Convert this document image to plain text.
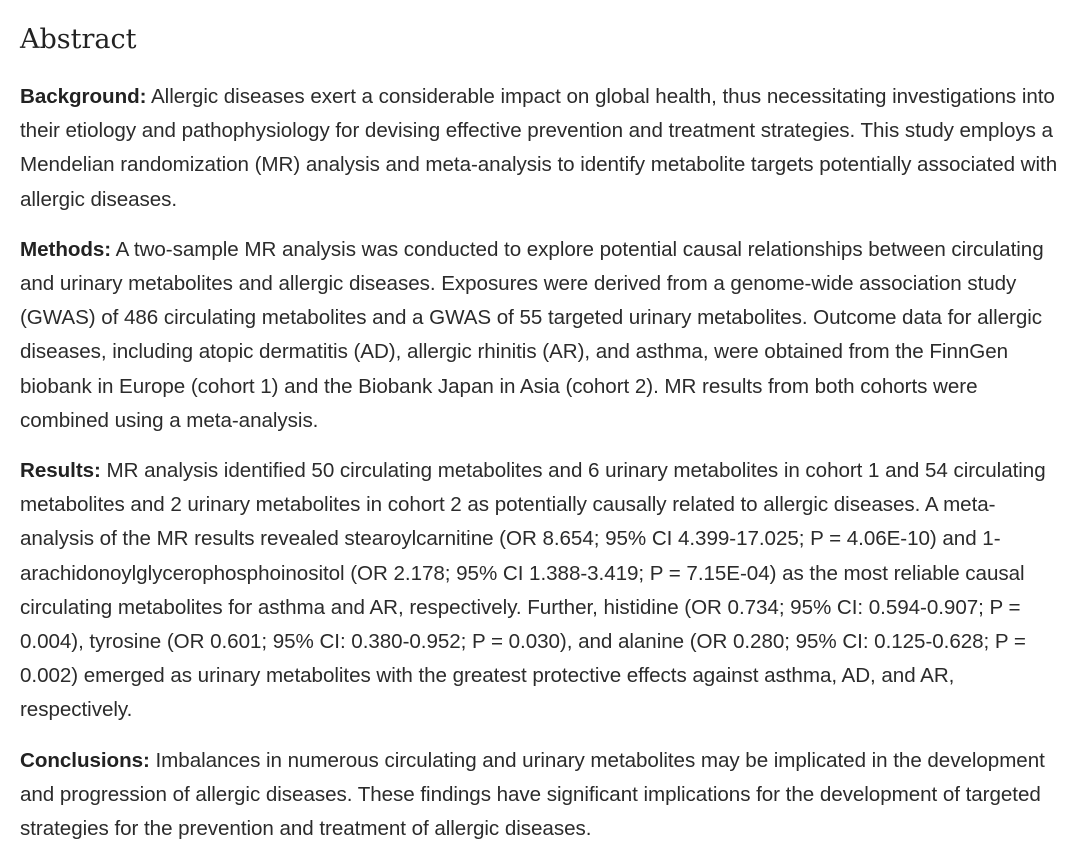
Abstract

Background: Allergic diseases exert a considerable impact on global health, thus necessitating investigations into their etiology and pathophysiology for devising effective prevention and treatment strategies. This study employs a Mendelian randomization (MR) analysis and meta-analysis to identify metabolite targets potentially associated with allergic diseases.

Methods: A two-sample MR analysis was conducted to explore potential causal relationships between circulating and urinary metabolites and allergic diseases. Exposures were derived from a genome-wide association study (GWAS) of 486 circulating metabolites and a GWAS of 55 targeted urinary metabolites. Outcome data for allergic diseases, including atopic dermatitis (AD), allergic rhinitis (AR), and asthma, were obtained from the FinnGen biobank in Europe (cohort 1) and the Biobank Japan in Asia (cohort 2). MR results from both cohorts were combined using a meta-analysis.

Results: MR analysis identified 50 circulating metabolites and 6 urinary metabolites in cohort 1 and 54 circulating metabolites and 2 urinary metabolites in cohort 2 as potentially causally related to allergic diseases. A meta-analysis of the MR results revealed stearoylcarnitine (OR 8.654; 95% CI 4.399-17.025; P = 4.06E-10) and 1-arachidonoylglycerophosphoinositol (OR 2.178; 95% CI 1.388-3.419; P = 7.15E-04) as the most reliable causal circulating metabolites for asthma and AR, respectively. Further, histidine (OR 0.734; 95% CI: 0.594-0.907; P = 0.004), tyrosine (OR 0.601; 95% CI: 0.380-0.952; P = 0.030), and alanine (OR 0.280; 95% CI: 0.125-0.628; P = 0.002) emerged as urinary metabolites with the greatest protective effects against asthma, AD, and AR, respectively.

Conclusions: Imbalances in numerous circulating and urinary metabolites may be implicated in the development and progression of allergic diseases. These findings have significant implications for the development of targeted strategies for the prevention and treatment of allergic diseases.
